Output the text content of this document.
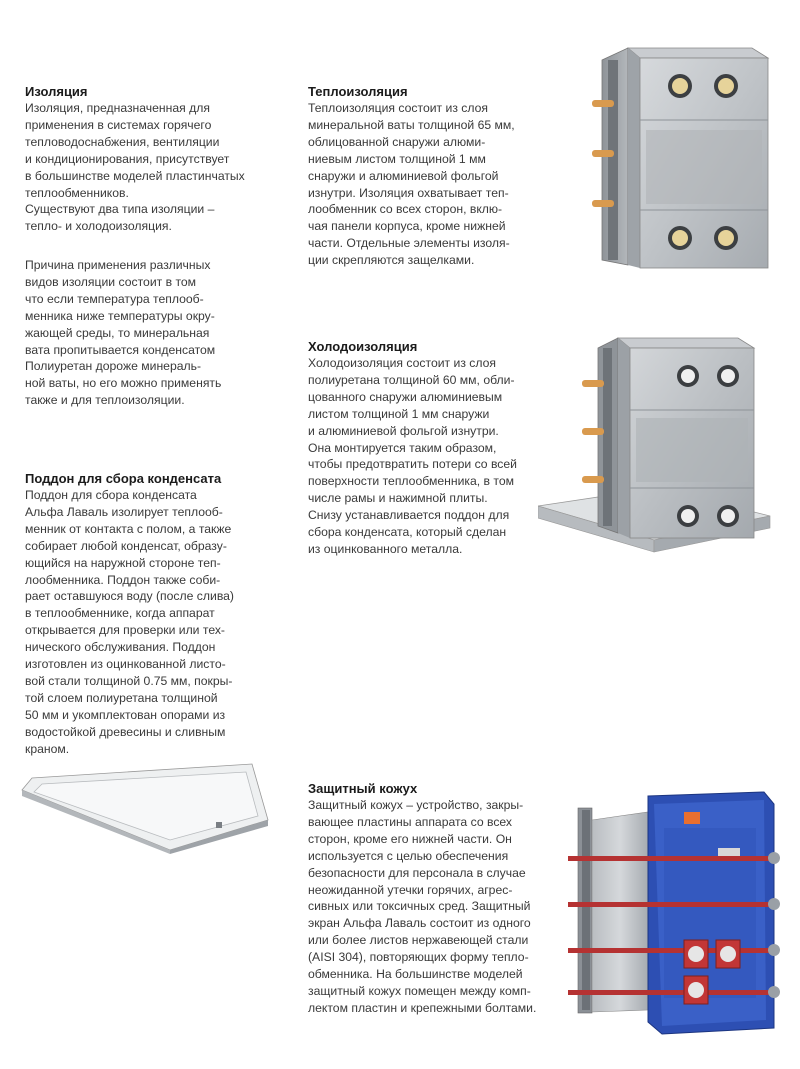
Изоляция
Изоляция, предназначенная для
применения в системах горячего
тепловодоснабжения, вентиляции
и кондиционирования, присутствует
в большинстве моделей пластинчатых
теплообменников.
Существуют два типа изоляции –
тепло- и холодоизоляция.
Причина применения различных
видов изоляции состоит в том
что если температура теплооб-
менника ниже температуры окру-
жающей среды, то минеральная
вата пропитывается конденсатом
Полиуретан дороже минераль-
ной ваты, но его можно применять
также и для теплоизоляции.
Теплоизоляция
Теплоизоляция состоит из слоя
минеральной ваты толщиной 65 мм,
облицованной снаружи алюми-
ниевым листом толщиной 1 мм
снаружи и алюминиевой фольгой
изнутри. Изоляция охватывает теп-
лообменник со всех сторон, вклю-
чая панели корпуса, кроме нижней
части. Отдельные элементы изоля-
ции скрепляются защелками.
Холодоизоляция
Холодоизоляция состоит из слоя
полиуретана толщиной 60 мм, обли-
цованного снаружи алюминиевым
листом толщиной 1 мм снаружи
и алюминиевой фольгой изнутри.
Она монтируется таким образом,
чтобы предотвратить потери со всей
поверхности теплообменника, в том
числе рамы и нажимной плиты.
Снизу устанавливается поддон для
сбора конденсата, который сделан
из оцинкованного металла.
Поддон для сбора конденсата
Поддон для сбора конденсата
Альфа Лаваль изолирует теплооб-
менник от контакта с полом, а также
собирает любой конденсат, образу-
ющийся на наружной стороне теп-
лообменника. Поддон также соби-
рает оставшуюся воду (после слива)
в теплообменнике, когда аппарат
открывается для проверки или тех-
нического обслуживания. Поддон
изготовлен из оцинкованной листо-
вой стали толщиной 0.75 мм, покры-
той слоем полиуретана толщиной
50 мм и укомплектован опорами из
водостойкой древесины и сливным
краном.
Защитный кожух
Защитный кожух – устройство, закры-
вающее пластины аппарата со всех
сторон, кроме его нижней части. Он
используется с целью обеспечения
безопасности для персонала в случае
неожиданной утечки горячих, агрес-
сивных или токсичных сред. Защитный
экран Альфа Лаваль состоит из одного
или более листов нержавеющей стали
(AISI 304), повторяющих форму тепло-
обменника. На большинстве моделей
защитный кожух помещен между комп-
лектом пластин и крепежными болтами.
